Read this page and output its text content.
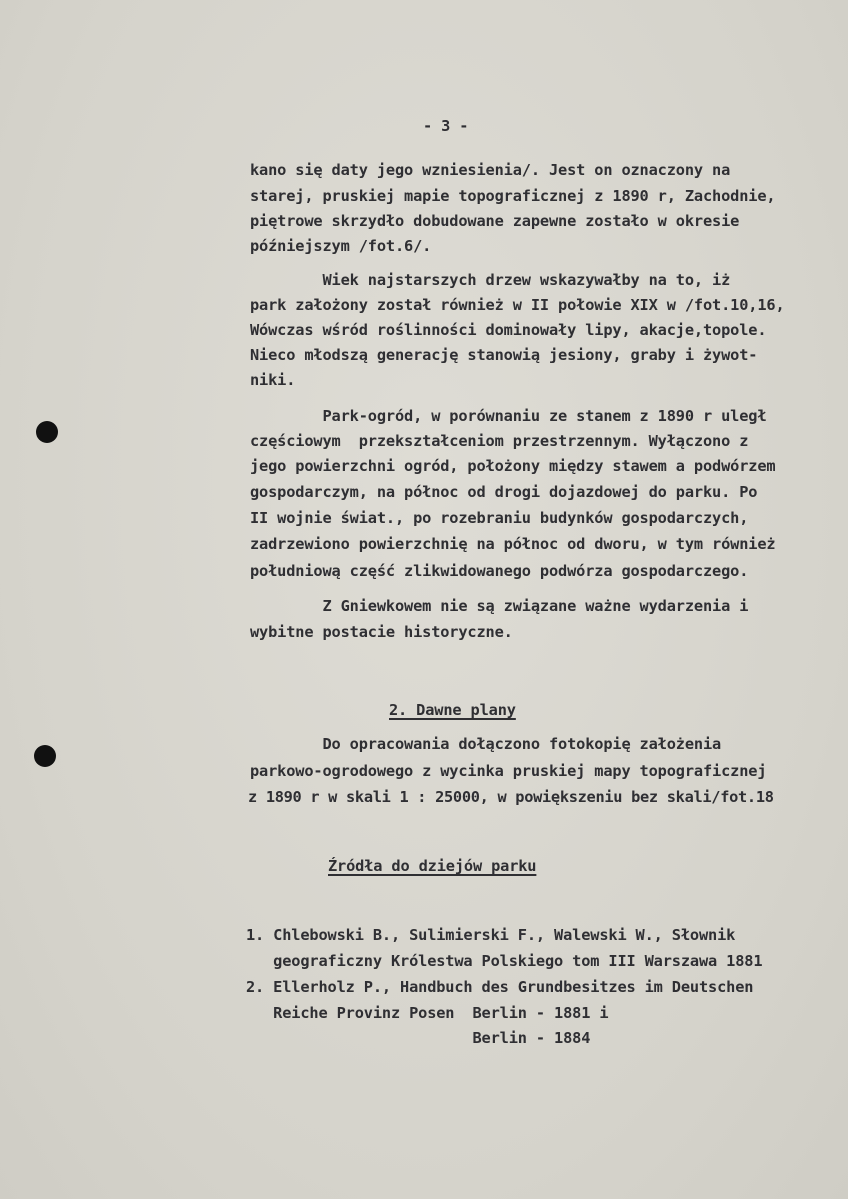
- 3 -
kano się daty jego wzniesienia/. Jest on oznaczony na
starej, pruskiej mapie topograficznej z 1890 r, Zachodnie,
piętrowe skrzydło dobudowane zapewne zostało w okresie
późniejszym /fot.6/.
Wiek najstarszych drzew wskazywałby na to, iż
park założony został również w II połowie XIX w /fot.10,16,
Wówczas wśród roślinności dominowały lipy, akacje,topole.
Nieco młodszą generację stanowią jesiony, graby i żywot-
niki.
Park-ogród, w porównaniu ze stanem z 1890 r uległ
częściowym  przekształceniom przestrzennym. Wyłączono z
jego powierzchni ogród, położony między stawem a podwórzem
gospodarczym, na północ od drogi dojazdowej do parku. Po
II wojnie świat., po rozebraniu budynków gospodarczych,
zadrzewiono powierzchnię na północ od dworu, w tym również
południową część zlikwidowanego podwórza gospodarczego.
Z Gniewkowem nie są związane ważne wydarzenia i
wybitne postacie historyczne.
2. Dawne plany
Do opracowania dołączono fotokopię założenia
parkowo-ogrodowego z wycinka pruskiej mapy topograficznej
z 1890 r w skali 1 : 25000, w powiększeniu bez skali/fot.18
Źródła do dziejów parku
1. Chlebowski B., Sulimierski F., Walewski W., Słownik
geograficzny Królestwa Polskiego tom III Warszawa 1881
2. Ellerholz P., Handbuch des Grundbesitzes im Deutschen
Reiche Provinz Posen  Berlin - 1881 i
Berlin - 1884
